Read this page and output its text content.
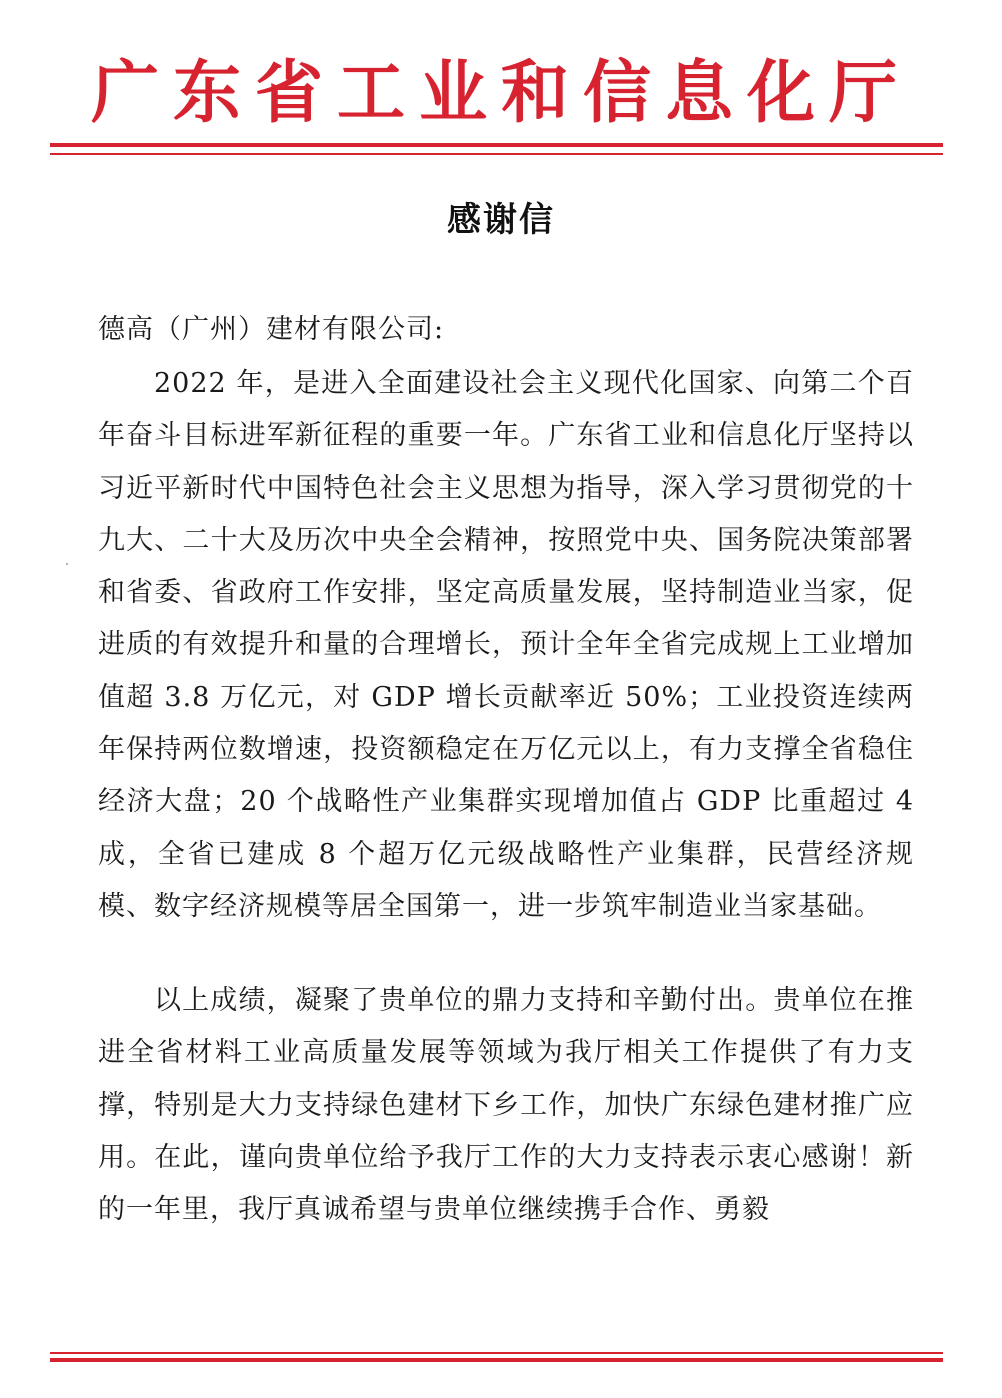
广东省工业和信息化厅
感谢信
德高（广州）建材有限公司:

2022 年，是进入全面建设社会主义现代化国家、向第二个百年奋斗目标进军新征程的重要一年。广东省工业和信息化厅坚持以习近平新时代中国特色社会主义思想为指导，深入学习贯彻党的十九大、二十大及历次中央全会精神，按照党中央、国务院决策部署和省委、省政府工作安排，坚定高质量发展，坚持制造业当家，促进质的有效提升和量的合理增长，预计全年全省完成规上工业增加值超 3.8 万亿元，对 GDP 增长贡献率近 50%；工业投资连续两年保持两位数增速，投资额稳定在万亿元以上，有力支撑全省稳住经济大盘；20 个战略性产业集群实现增加值占 GDP 比重超过 4 成，全省已建成 8 个超万亿元级战略性产业集群，民营经济规模、数字经济规模等居全国第一，进一步筑牢制造业当家基础。

以上成绩，凝聚了贵单位的鼎力支持和辛勤付出。贵单位在推进全省材料工业高质量发展等领域为我厅相关工作提供了有力支撑，特别是大力支持绿色建材下乡工作，加快广东绿色建材推广应用。在此，谨向贵单位给予我厅工作的大力支持表示衷心感谢！新的一年里，我厅真诚希望与贵单位继续携手合作、勇毅
